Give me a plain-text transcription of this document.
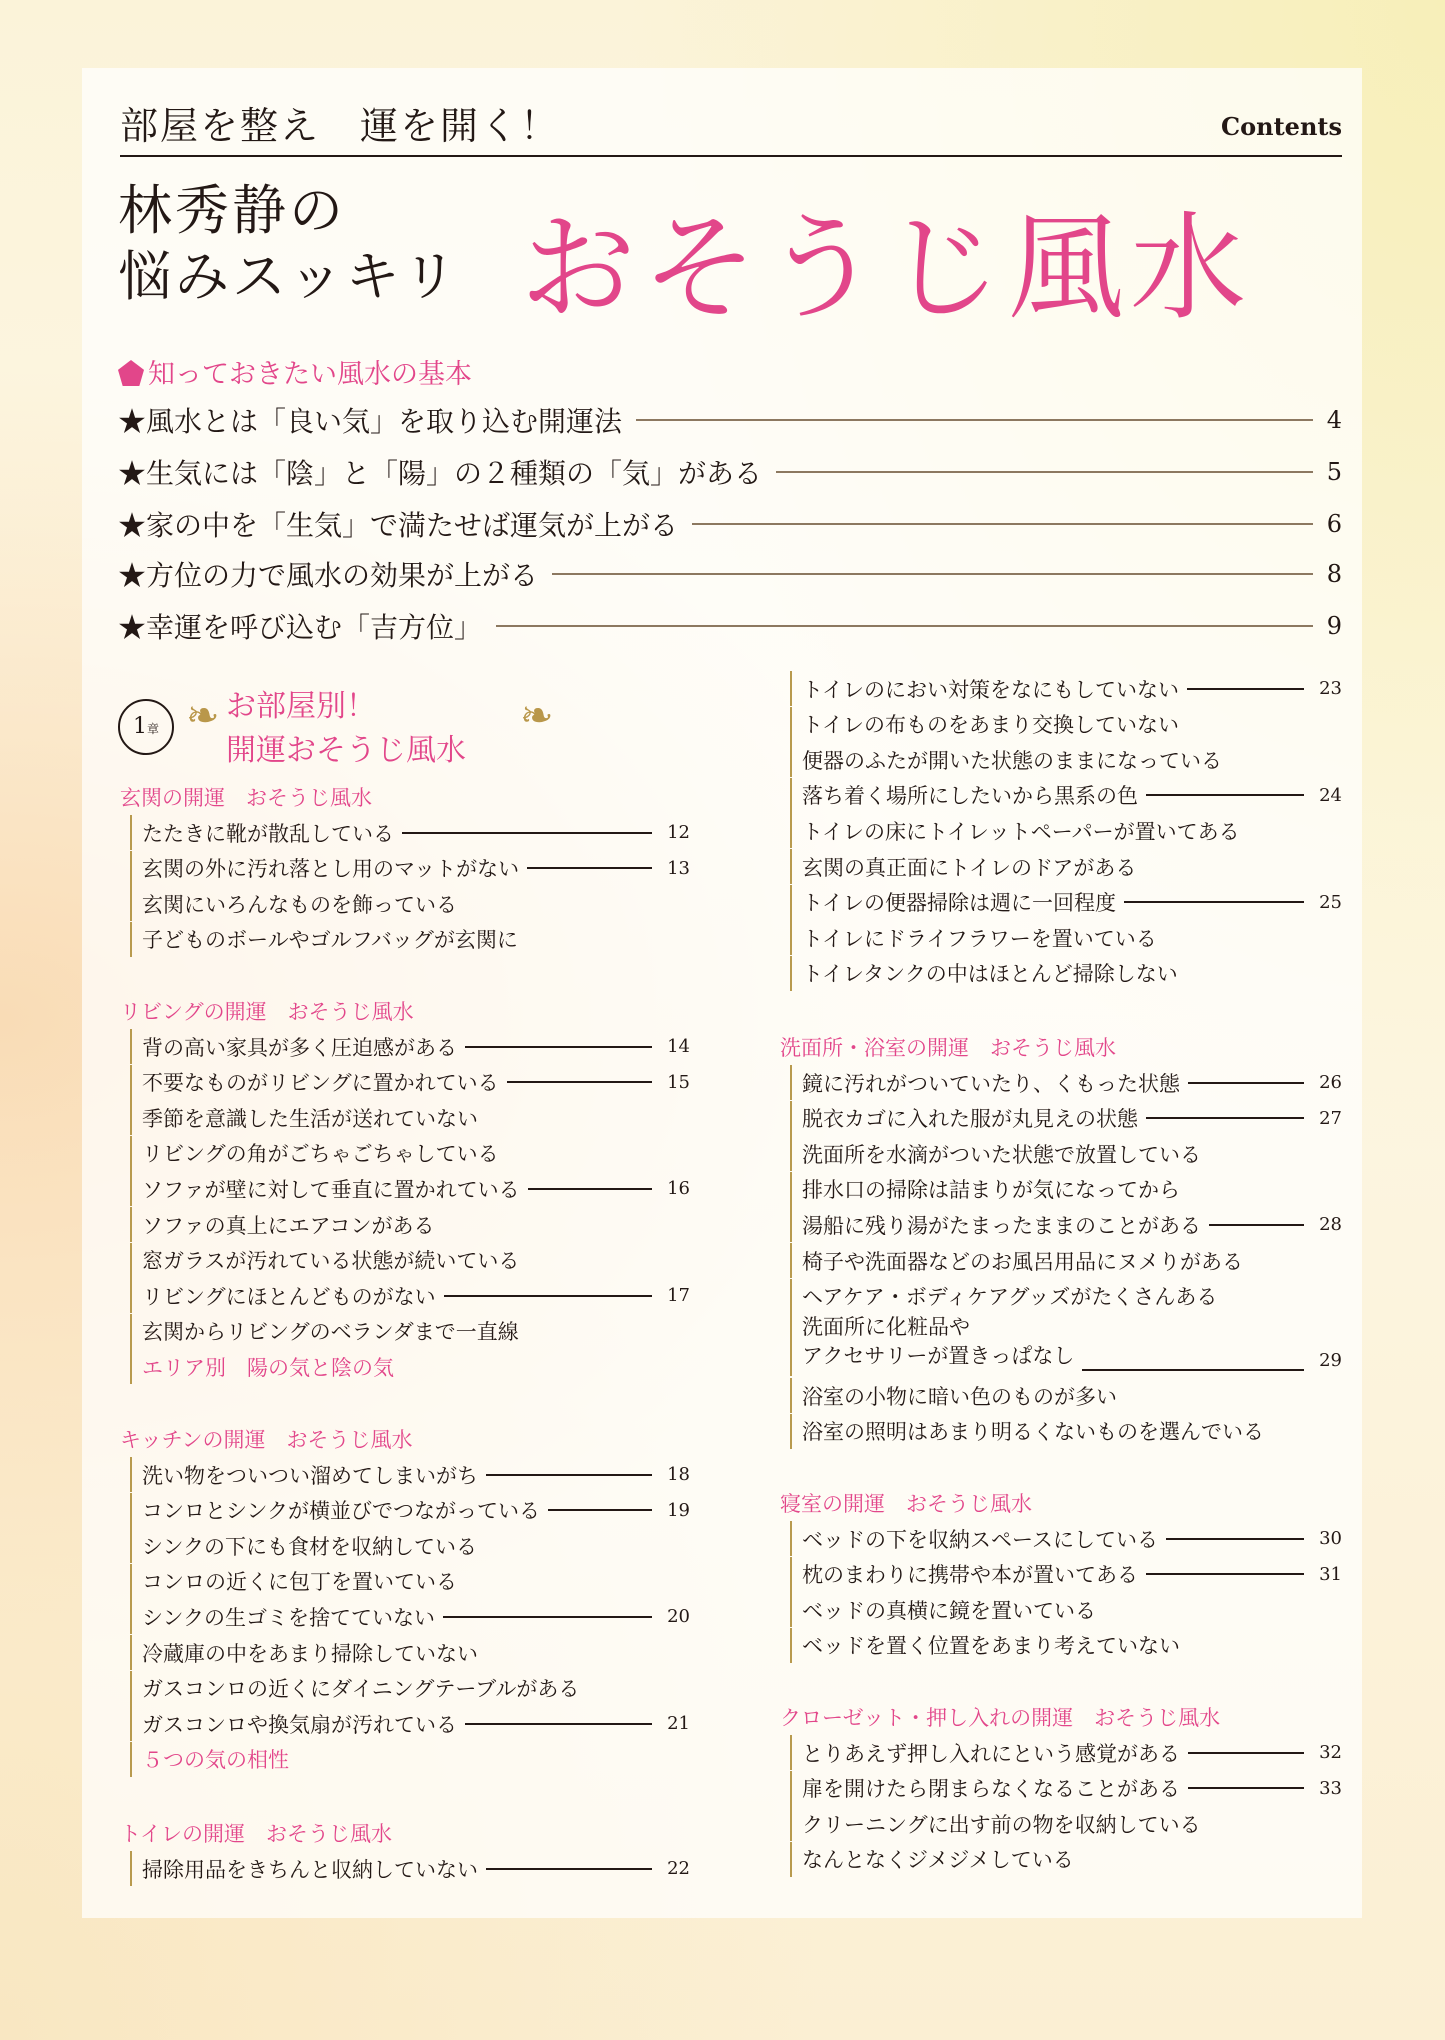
部屋を整え　運を開く！	Contents
林秀静の
悩みスッキリ おそうじ風水
知っておきたい風水の基本
★風水とは「良い気」を取り込む開運法	4
★生気には「陰」と「陽」の２種類の「気」がある	5
★家の中を「生気」で満たせば運気が上がる	6
★方位の力で風水の効果が上がる	8
★幸運を呼び込む「吉方位」	9
1章 ❧ お部屋別！
開運おそうじ風水
❧
玄関の開運　おそうじ風水
たたきに靴が散乱している	12
玄関の外に汚れ落とし用のマットがない	13
玄関にいろんなものを飾っている
子どものボールやゴルフバッグが玄関に
リビングの開運　おそうじ風水
背の高い家具が多く圧迫感がある	14
不要なものがリビングに置かれている	15
季節を意識した生活が送れていない
リビングの角がごちゃごちゃしている
ソファが壁に対して垂直に置かれている	16
ソファの真上にエアコンがある
窓ガラスが汚れている状態が続いている
リビングにほとんどものがない	17
玄関からリビングのベランダまで一直線
エリア別　陽の気と陰の気
キッチンの開運　おそうじ風水
洗い物をついつい溜めてしまいがち	18
コンロとシンクが横並びでつながっている	19
シンクの下にも食材を収納している
コンロの近くに包丁を置いている
シンクの生ゴミを捨てていない	20
冷蔵庫の中をあまり掃除していない
ガスコンロの近くにダイニングテーブルがある
ガスコンロや換気扇が汚れている	21
５つの気の相性
トイレの開運　おそうじ風水
掃除用品をきちんと収納していない	22
トイレのにおい対策をなにもしていない	23
トイレの布ものをあまり交換していない
便器のふたが開いた状態のままになっている
落ち着く場所にしたいから黒系の色	24
トイレの床にトイレットペーパーが置いてある
玄関の真正面にトイレのドアがある
トイレの便器掃除は週に一回程度	25
トイレにドライフラワーを置いている
トイレタンクの中はほとんど掃除しない
洗面所・浴室の開運　おそうじ風水
鏡に汚れがついていたり、くもった状態	26
脱衣カゴに入れた服が丸見えの状態	27
洗面所を水滴がついた状態で放置している
排水口の掃除は詰まりが気になってから
湯船に残り湯がたまったままのことがある	28
椅子や洗面器などのお風呂用品にヌメりがある
ヘアケア・ボディケアグッズがたくさんある
洗面所に化粧品や
アクセサリーが置きっぱなし	29
浴室の小物に暗い色のものが多い
浴室の照明はあまり明るくないものを選んでいる
寝室の開運　おそうじ風水
ベッドの下を収納スペースにしている	30
枕のまわりに携帯や本が置いてある	31
ベッドの真横に鏡を置いている
ベッドを置く位置をあまり考えていない
クローゼット・押し入れの開運　おそうじ風水
とりあえず押し入れにという感覚がある	32
扉を開けたら閉まらなくなることがある	33
クリーニングに出す前の物を収納している
なんとなくジメジメしている
